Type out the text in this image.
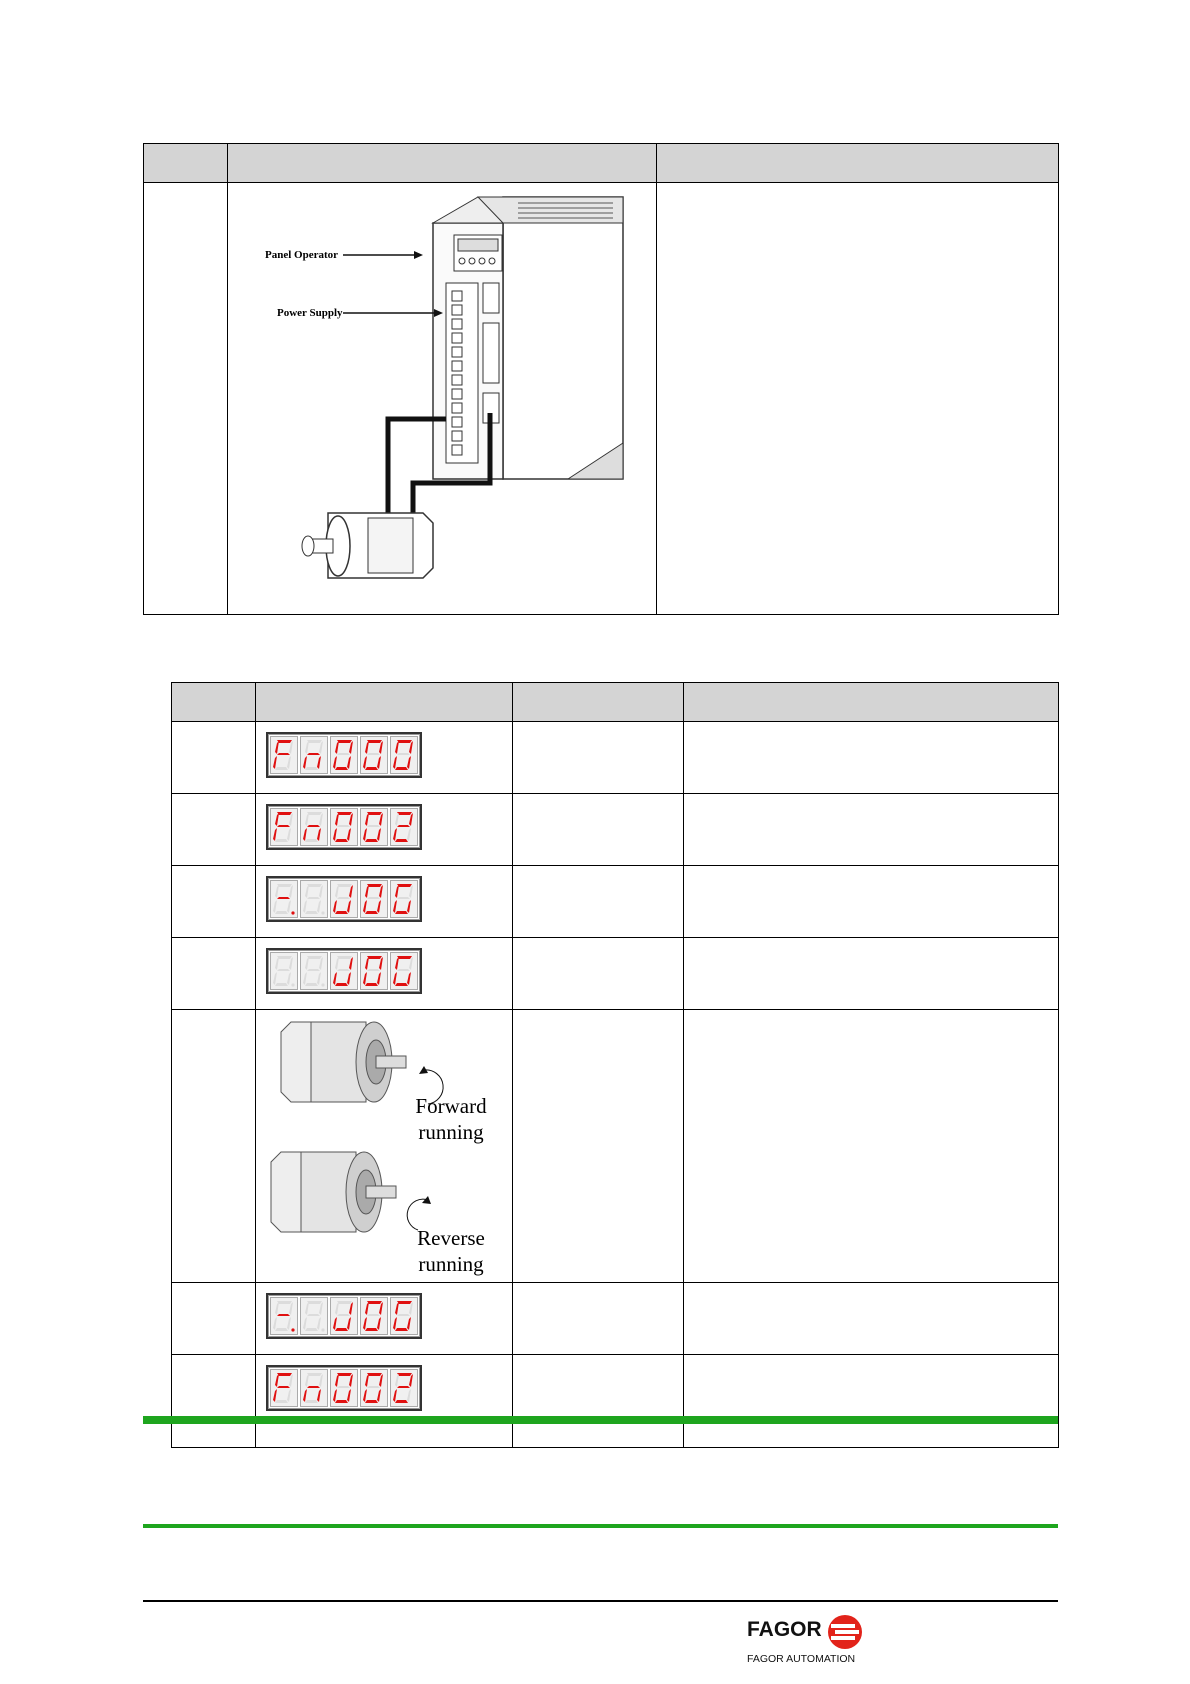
	Panel Operator
Power Supply	

	Forward
running
Reverse
running		

FAGOR
FAGOR AUTOMATION
